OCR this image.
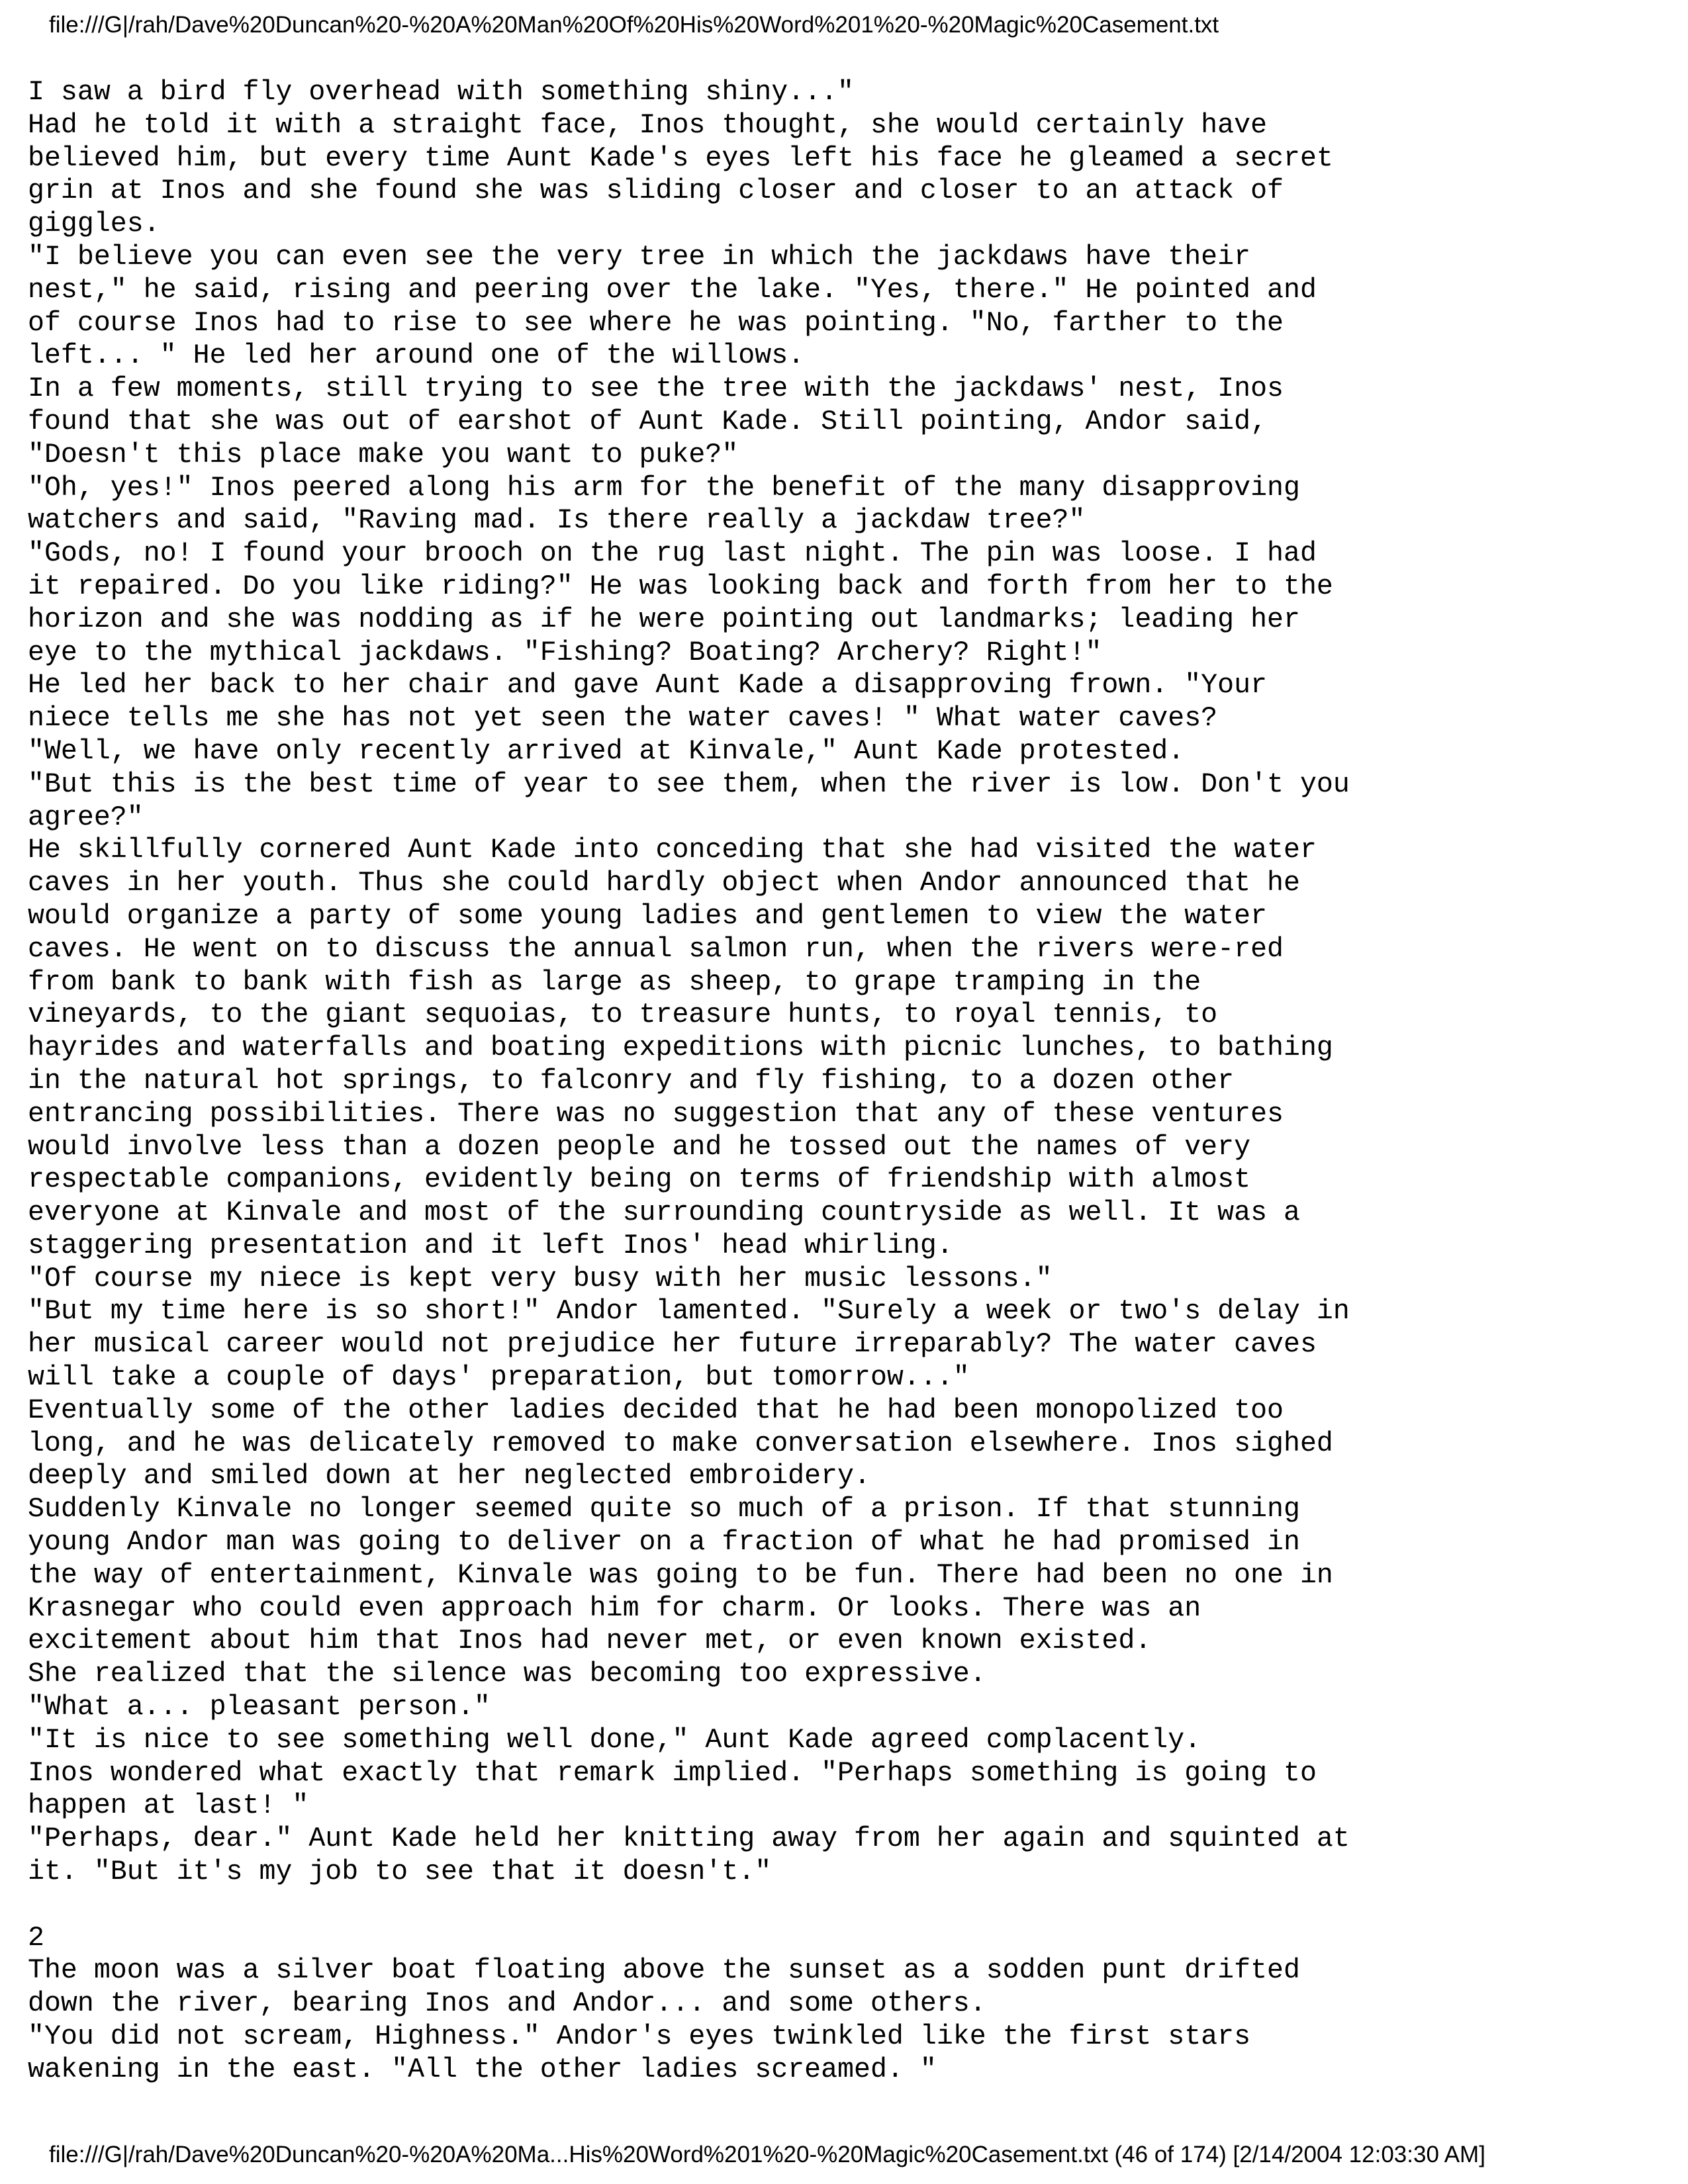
file:///G|/rah/Dave%20Duncan%20-%20A%20Man%20Of%20His%20Word%201%20-%20Magic%20Casement.txt
I saw a bird fly overhead with something shiny..."
Had he told it with a straight face, Inos thought, she would certainly have
believed him, but every time Aunt Kade's eyes left his face he gleamed a secret
grin at Inos and she found she was sliding closer and closer to an attack of
giggles.
"I believe you can even see the very tree in which the jackdaws have their
nest," he said, rising and peering over the lake. "Yes, there." He pointed and
of course Inos had to rise to see where he was pointing. "No, farther to the
left... " He led her around one of the willows.
In a few moments, still trying to see the tree with the jackdaws' nest, Inos
found that she was out of earshot of Aunt Kade. Still pointing, Andor said,
"Doesn't this place make you want to puke?"
"Oh, yes!" Inos peered along his arm for the benefit of the many disapproving
watchers and said, "Raving mad. Is there really a jackdaw tree?"
"Gods, no! I found your brooch on the rug last night. The pin was loose. I had
it repaired. Do you like riding?" He was looking back and forth from her to the
horizon and she was nodding as if he were pointing out landmarks; leading her
eye to the mythical jackdaws. "Fishing? Boating? Archery? Right!"
He led her back to her chair and gave Aunt Kade a disapproving frown. "Your
niece tells me she has not yet seen the water caves! " What water caves?
"Well, we have only recently arrived at Kinvale," Aunt Kade protested.
"But this is the best time of year to see them, when the river is low. Don't you
agree?"
He skillfully cornered Aunt Kade into conceding that she had visited the water
caves in her youth. Thus she could hardly object when Andor announced that he
would organize a party of some young ladies and gentlemen to view the water
caves. He went on to discuss the annual salmon run, when the rivers were-red
from bank to bank with fish as large as sheep, to grape tramping in the
vineyards, to the giant sequoias, to treasure hunts, to royal tennis, to
hayrides and waterfalls and boating expeditions with picnic lunches, to bathing
in the natural hot springs, to falconry and fly fishing, to a dozen other
entrancing possibilities. There was no suggestion that any of these ventures
would involve less than a dozen people and he tossed out the names of very
respectable companions, evidently being on terms of friendship with almost
everyone at Kinvale and most of the surrounding countryside as well. It was a
staggering presentation and it left Inos' head whirling.
"Of course my niece is kept very busy with her music lessons."
"But my time here is so short!" Andor lamented. "Surely a week or two's delay in
her musical career would not prejudice her future irreparably? The water caves
will take a couple of days' preparation, but tomorrow..."
Eventually some of the other ladies decided that he had been monopolized too
long, and he was delicately removed to make conversation elsewhere. Inos sighed
deeply and smiled down at her neglected embroidery.
Suddenly Kinvale no longer seemed quite so much of a prison. If that stunning
young Andor man was going to deliver on a fraction of what he had promised in
the way of entertainment, Kinvale was going to be fun. There had been no one in
Krasnegar who could even approach him for charm. Or looks. There was an
excitement about him that Inos had never met, or even known existed.
She realized that the silence was becoming too expressive.
"What a... pleasant person."
"It is nice to see something well done," Aunt Kade agreed complacently.
Inos wondered what exactly that remark implied. "Perhaps something is going to
happen at last! "
"Perhaps, dear." Aunt Kade held her knitting away from her again and squinted at
it. "But it's my job to see that it doesn't."
2
The moon was a silver boat floating above the sunset as a sodden punt drifted
down the river, bearing Inos and Andor... and some others.
"You did not scream, Highness." Andor's eyes twinkled like the first stars
wakening in the east. "All the other ladies screamed. "
file:///G|/rah/Dave%20Duncan%20-%20A%20Ma...His%20Word%201%20-%20Magic%20Casement.txt (46 of 174) [2/14/2004 12:03:30 AM]
